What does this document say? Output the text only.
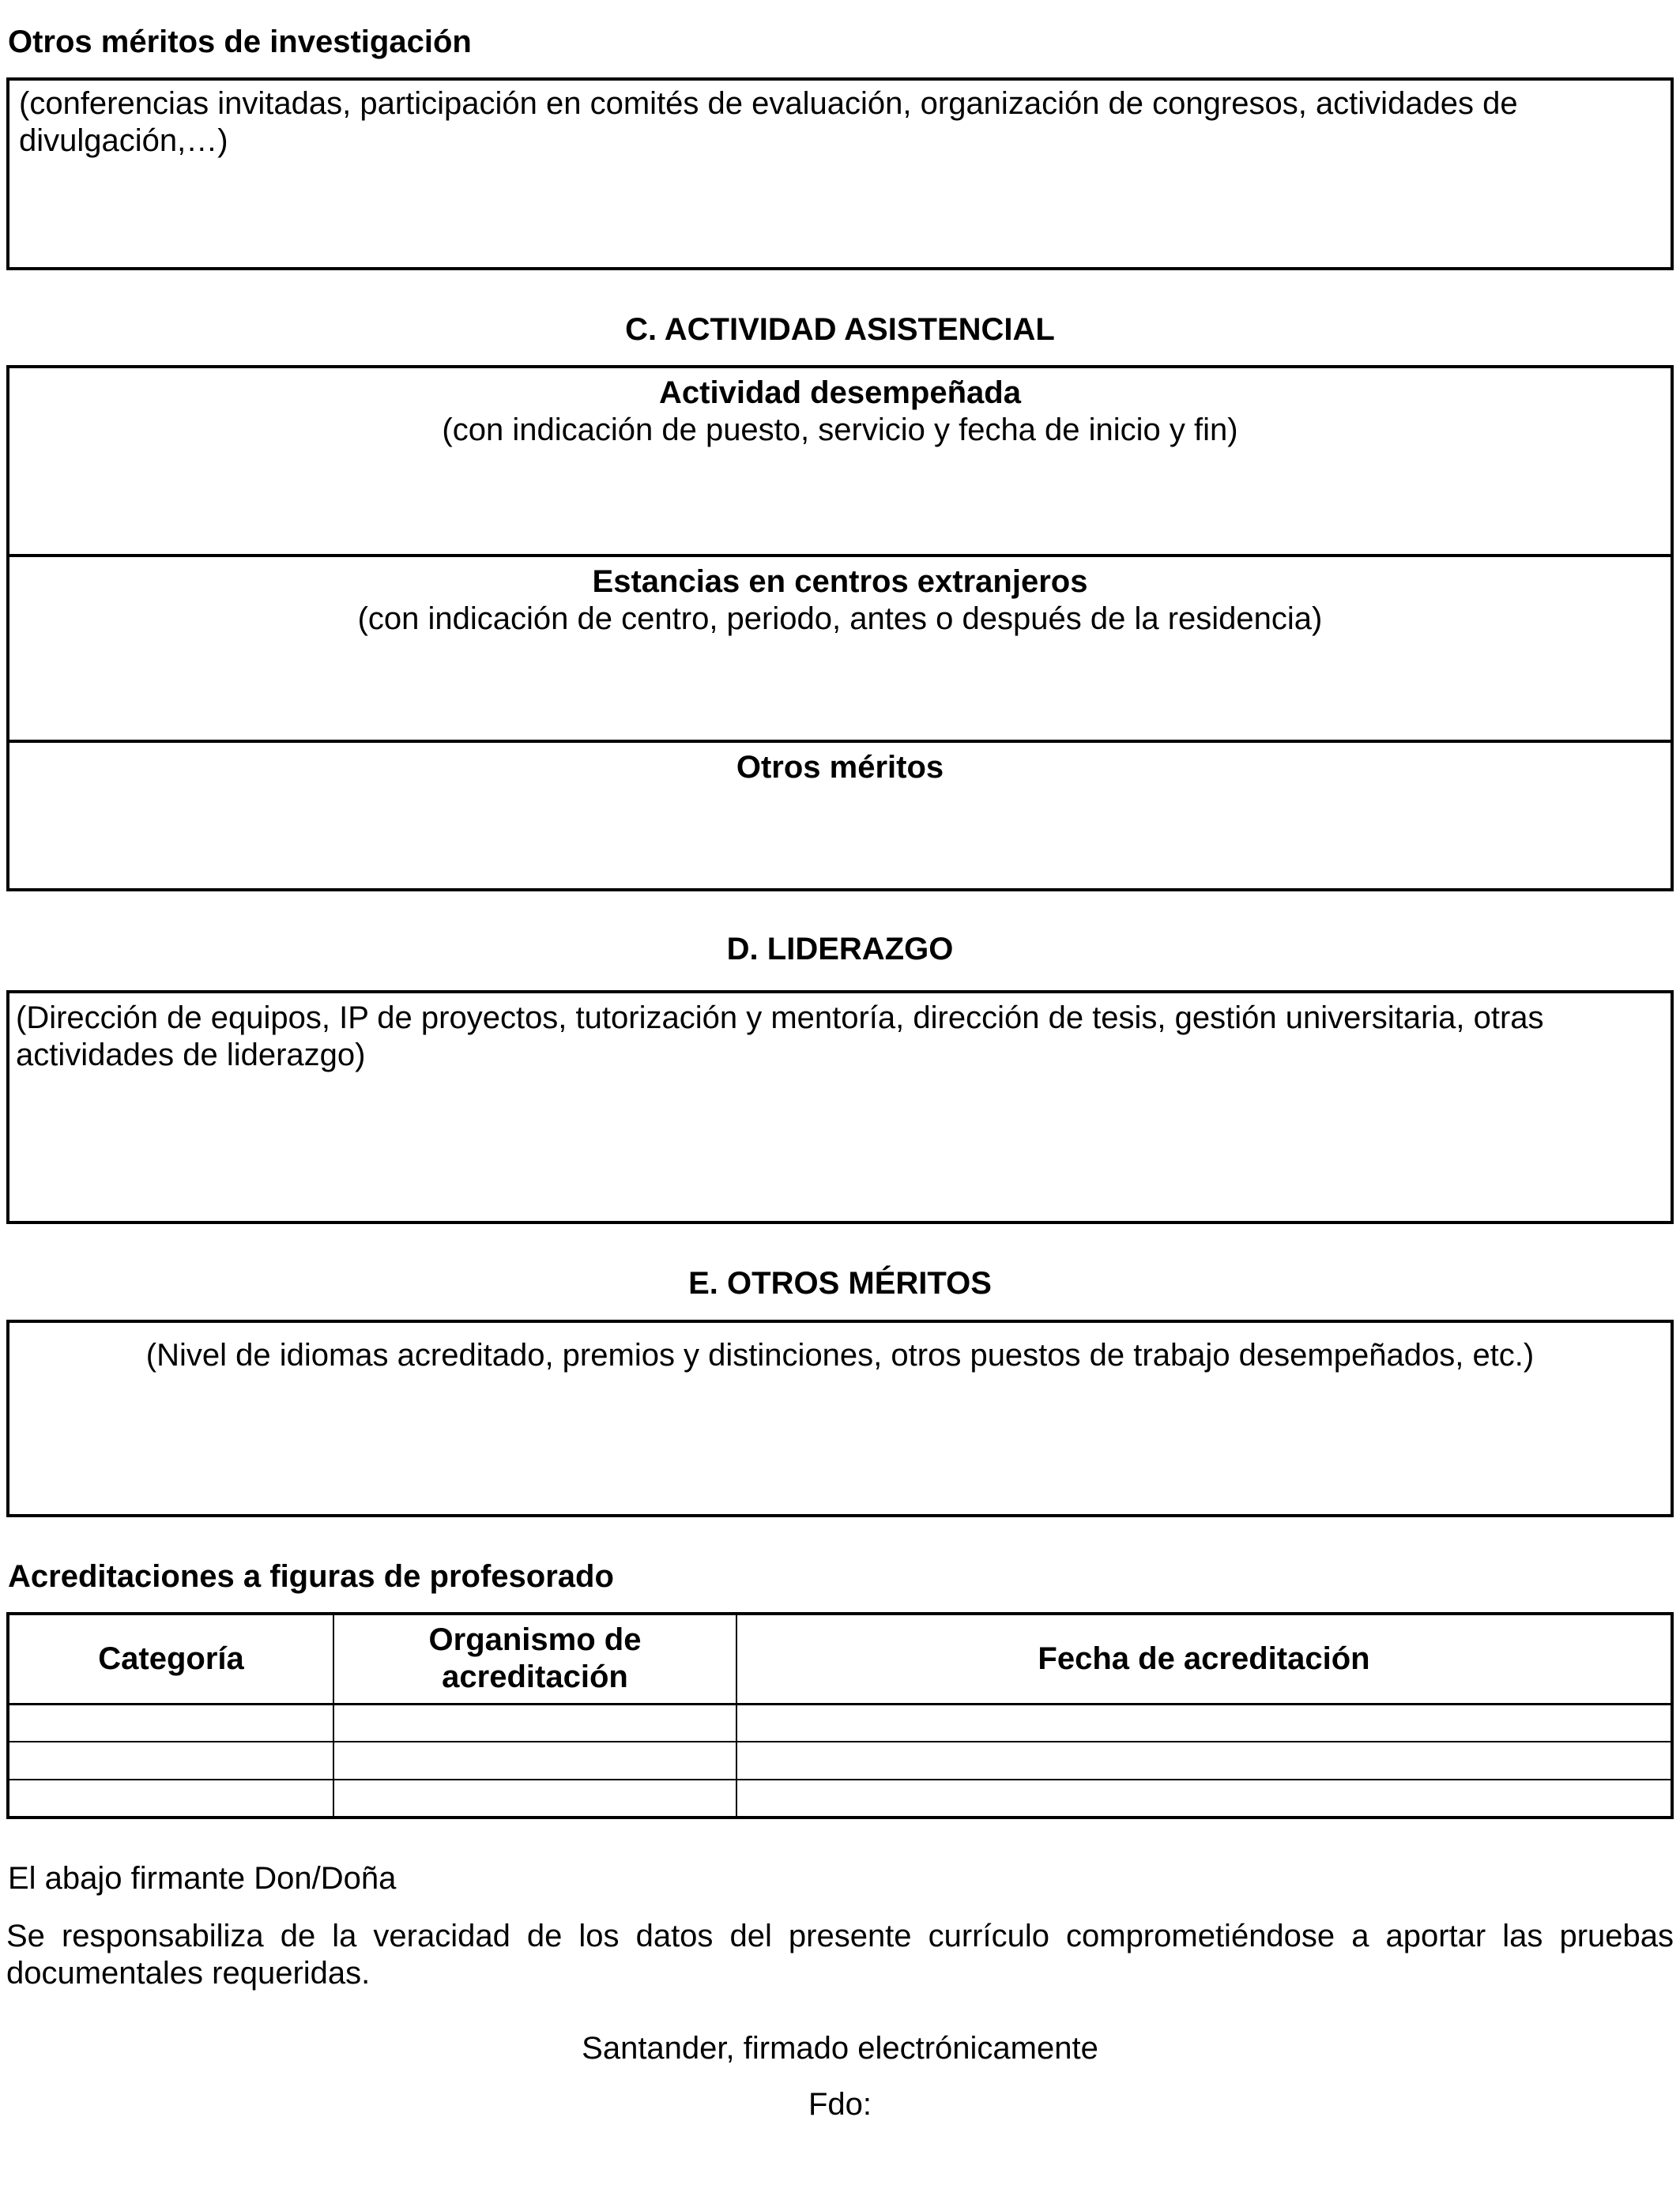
Otros méritos de investigación
(conferencias invitadas, participación en comités de evaluación, organización de congresos, actividades de divulgación,…)
C. ACTIVIDAD ASISTENCIAL
Actividad desempeñada
(con indicación de puesto, servicio y fecha de inicio y fin)
Estancias en centros extranjeros
(con indicación de centro, periodo, antes o después de la residencia)
Otros méritos
D. LIDERAZGO
(Dirección de equipos, IP de proyectos, tutorización y mentoría, dirección de tesis, gestión universitaria, otras actividades de liderazgo)
E. OTROS MÉRITOS
(Nivel de idiomas acreditado, premios y distinciones, otros puestos de trabajo desempeñados, etc.)
Acreditaciones a figuras de profesorado
Categoría	Organismo de acreditación	Fecha de acreditación

El abajo firmante Don/Doña
Se responsabiliza de la veracidad de los datos del presente currículo comprometiéndose a aportar las pruebas documentales requeridas.
Santander, firmado electrónicamente
Fdo:
